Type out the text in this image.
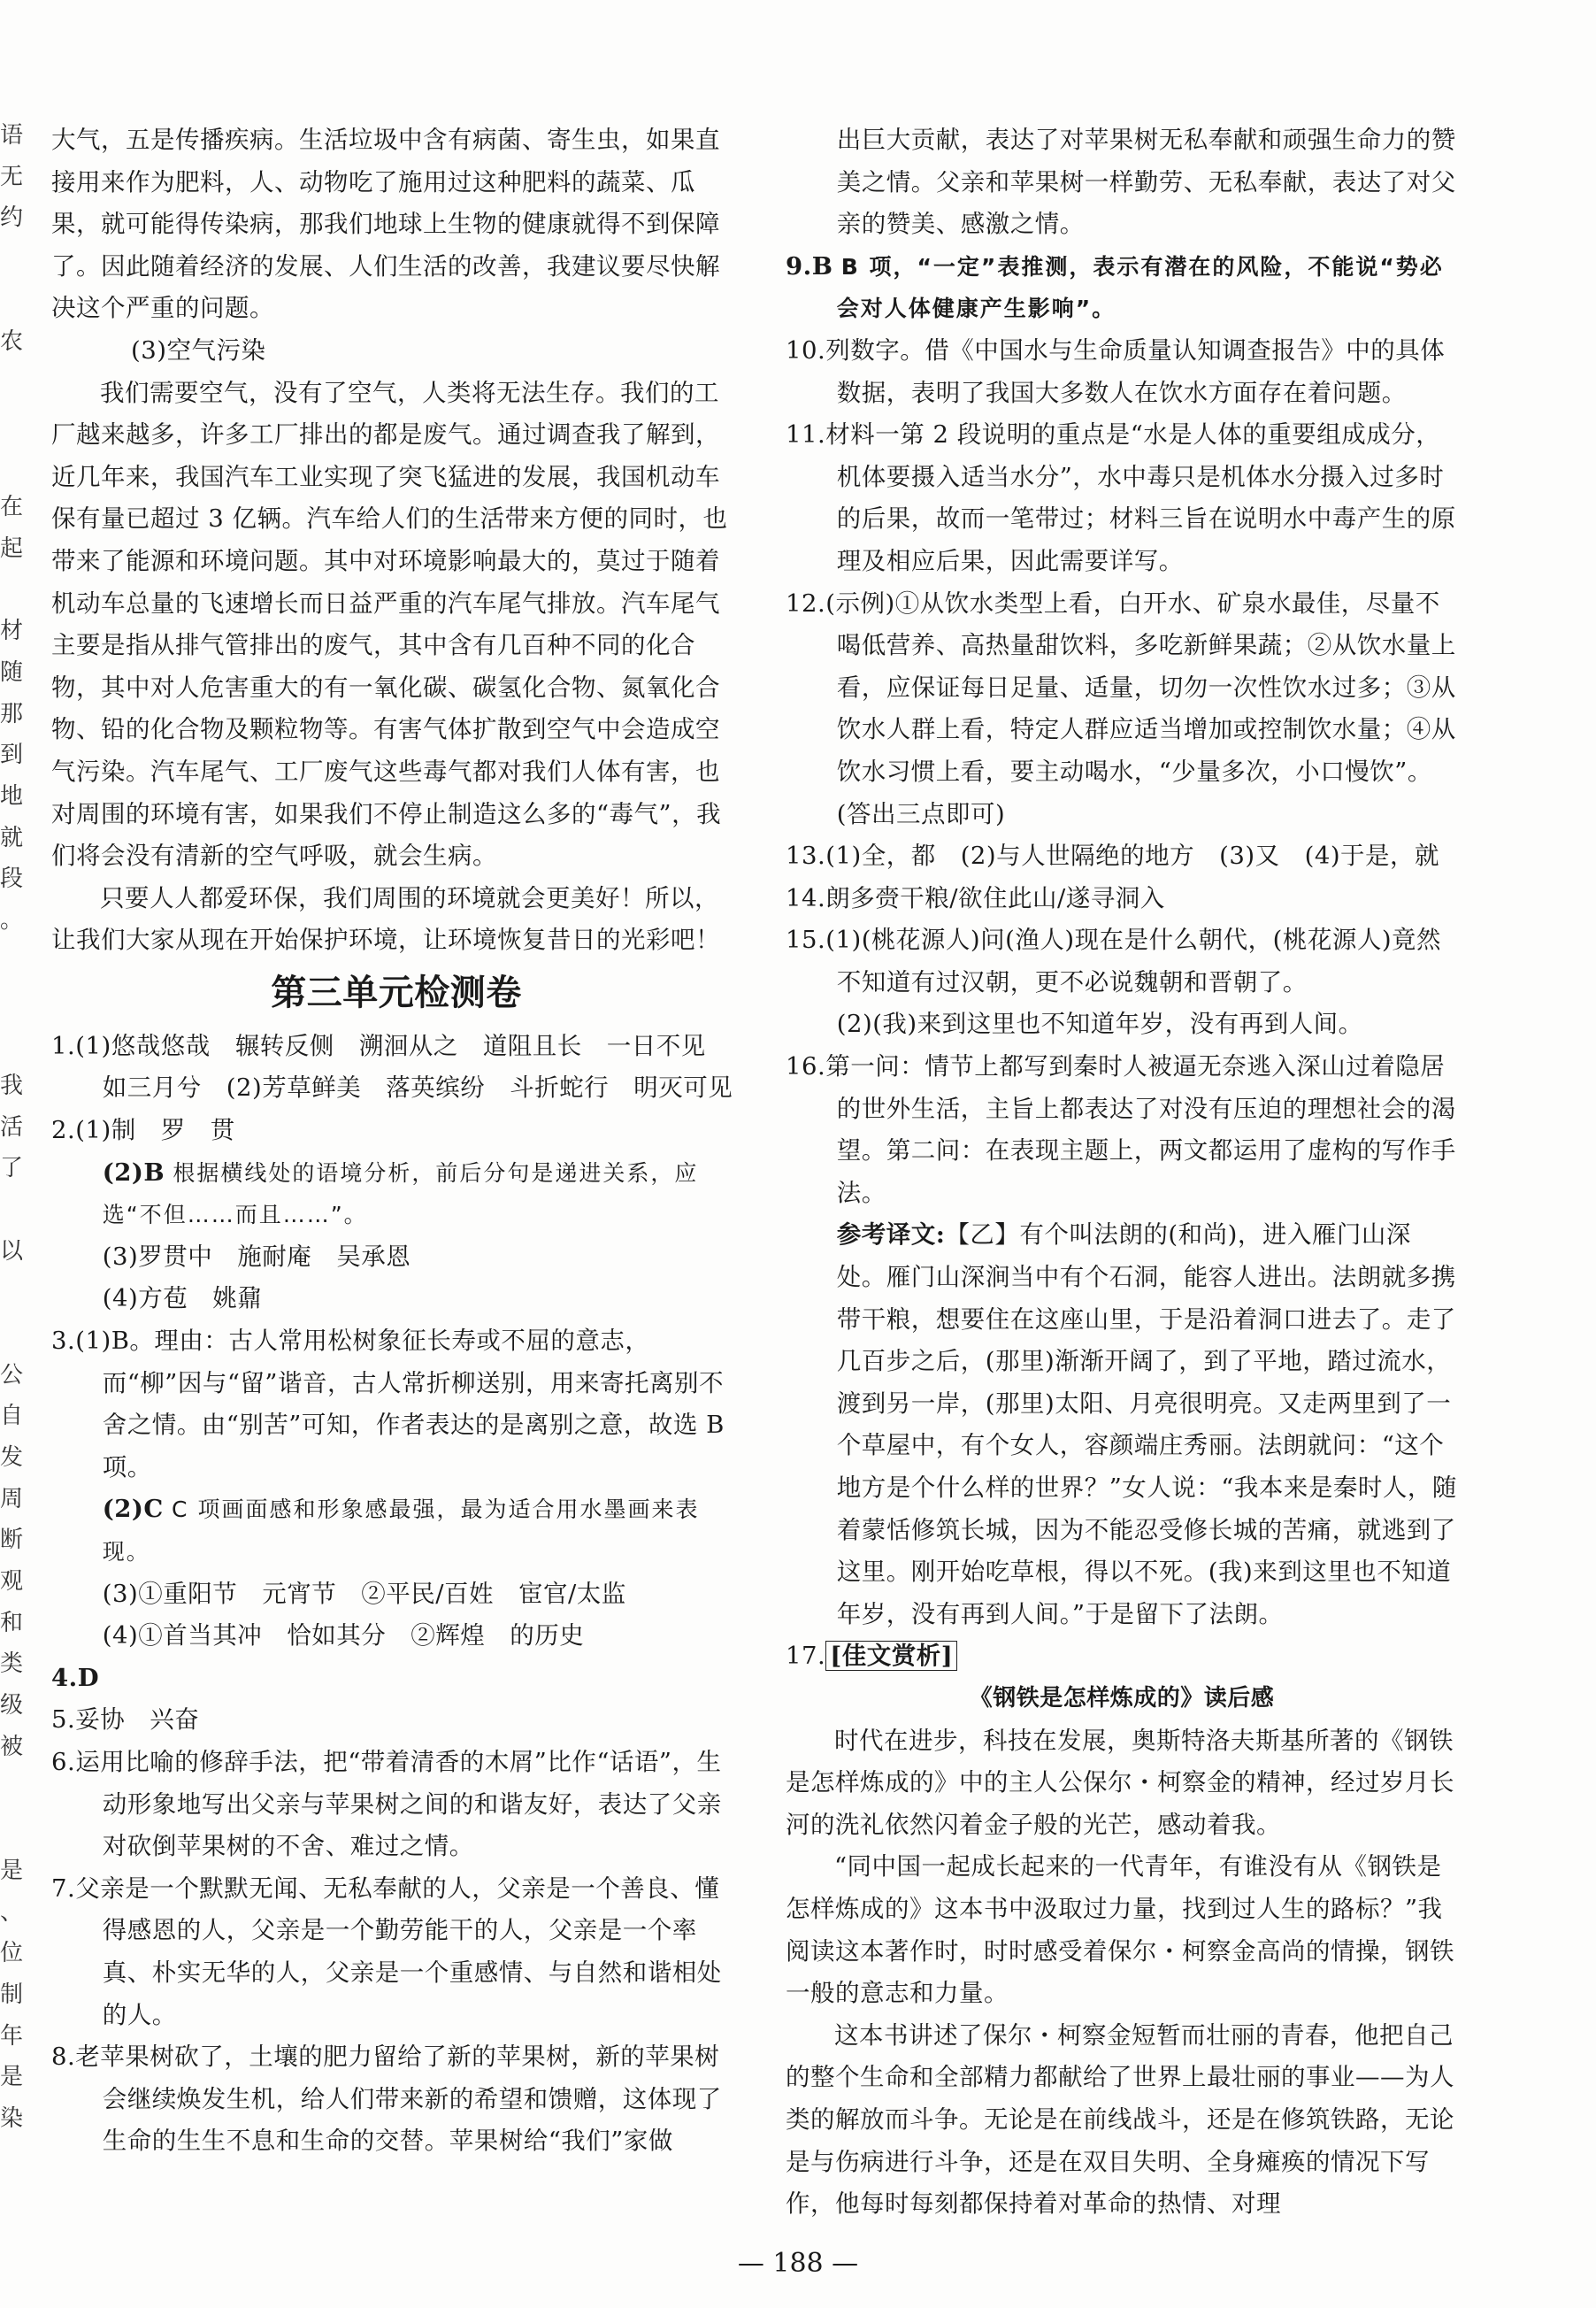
语
无
约
农
在
起
材
随
那
到
地
就
段
。
我
活
了
以
公
自
发
周
断
观
和
类
级
被
是
、
位
制
年
是
染

大气，五是传播疾病。生活垃圾中含有病菌、寄生虫，如果直接用来作为肥料，人、动物吃了施用过这种肥料的蔬菜、瓜果，就可能得传染病，那我们地球上生物的健康就得不到保障了。因此随着经济的发展、人们生活的改善，我建议要尽快解决这个严重的问题。

(3)空气污染

我们需要空气，没有了空气，人类将无法生存。我们的工厂越来越多，许多工厂排出的都是废气。通过调查我了解到，近几年来，我国汽车工业实现了突飞猛进的发展，我国机动车保有量已超过 3 亿辆。汽车给人们的生活带来方便的同时，也带来了能源和环境问题。其中对环境影响最大的，莫过于随着机动车总量的飞速增长而日益严重的汽车尾气排放。汽车尾气主要是指从排气管排出的废气，其中含有几百种不同的化合物，其中对人危害重大的有一氧化碳、碳氢化合物、氮氧化合物、铅的化合物及颗粒物等。有害气体扩散到空气中会造成空气污染。汽车尾气、工厂废气这些毒气都对我们人体有害，也对周围的环境有害，如果我们不停止制造这么多的“毒气”，我们将会没有清新的空气呼吸，就会生病。

只要人人都爱环保，我们周围的环境就会更美好！所以，让我们大家从现在开始保护环境，让环境恢复昔日的光彩吧！

第三单元检测卷

1.(1)悠哉悠哉　辗转反侧　溯洄从之　道阻且长　一日不见　如三月兮　(2)芳草鲜美　落英缤纷　斗折蛇行　明灭可见

2.(1)制　罗　贯

(2)B 根据横线处的语境分析，前后分句是递进关系，应选“不但……而且……”。

(3)罗贯中　施耐庵　吴承恩

(4)方苞　姚鼐

3.(1)B。理由：古人常用松树象征长寿或不屈的意志，而“柳”因与“留”谐音，古人常折柳送别，用来寄托离别不舍之情。由“别苦”可知，作者表达的是离别之意，故选 B 项。

(2)C C 项画面感和形象感最强，最为适合用水墨画来表现。

(3)①重阳节　元宵节　②平民/百姓　宦官/太监

(4)①首当其冲　恰如其分　②辉煌　的历史

4.D

5.妥协　兴奋

6.运用比喻的修辞手法，把“带着清香的木屑”比作“话语”，生动形象地写出父亲与苹果树之间的和谐友好，表达了父亲对砍倒苹果树的不舍、难过之情。

7.父亲是一个默默无闻、无私奉献的人，父亲是一个善良、懂得感恩的人，父亲是一个勤劳能干的人，父亲是一个率真、朴实无华的人，父亲是一个重感情、与自然和谐相处的人。

8.老苹果树砍了，土壤的肥力留给了新的苹果树，新的苹果树会继续焕发生机，给人们带来新的希望和馈赠，这体现了生命的生生不息和生命的交替。苹果树给“我们”家做

出巨大贡献，表达了对苹果树无私奉献和顽强生命力的赞美之情。父亲和苹果树一样勤劳、无私奉献，表达了对父亲的赞美、感激之情。

9.B B 项，“一定”表推测，表示有潜在的风险，不能说“势必会对人体健康产生影响”。

10.列数字。借《中国水与生命质量认知调查报告》中的具体数据，表明了我国大多数人在饮水方面存在着问题。

11.材料一第 2 段说明的重点是“水是人体的重要组成成分，机体要摄入适当水分”，水中毒只是机体水分摄入过多时的后果，故而一笔带过；材料三旨在说明水中毒产生的原理及相应后果，因此需要详写。

12.(示例)①从饮水类型上看，白开水、矿泉水最佳，尽量不喝低营养、高热量甜饮料，多吃新鲜果蔬；②从饮水量上看，应保证每日足量、适量，切勿一次性饮水过多；③从饮水人群上看，特定人群应适当增加或控制饮水量；④从饮水习惯上看，要主动喝水，“少量多次，小口慢饮”。(答出三点即可)

13.(1)全，都　(2)与人世隔绝的地方　(3)又　(4)于是，就

14.朗多赍干粮/欲住此山/遂寻洞入

15.(1)(桃花源人)问(渔人)现在是什么朝代，(桃花源人)竟然不知道有过汉朝，更不必说魏朝和晋朝了。

(2)(我)来到这里也不知道年岁，没有再到人间。

16.第一问：情节上都写到秦时人被逼无奈逃入深山过着隐居的世外生活，主旨上都表达了对没有压迫的理想社会的渴望。第二问：在表现主题上，两文都运用了虚构的写作手法。

参考译文:【乙】有个叫法朗的(和尚)，进入雁门山深处。雁门山深涧当中有个石洞，能容人进出。法朗就多携带干粮，想要住在这座山里，于是沿着洞口进去了。走了几百步之后，(那里)渐渐开阔了，到了平地，踏过流水，渡到另一岸，(那里)太阳、月亮很明亮。又走两里到了一个草屋中，有个女人，容颜端庄秀丽。法朗就问：“这个地方是个什么样的世界？”女人说：“我本来是秦时人，随着蒙恬修筑长城，因为不能忍受修长城的苦痛，就逃到了这里。刚开始吃草根，得以不死。(我)来到这里也不知道年岁，没有再到人间。”于是留下了法朗。

17. [佳文赏析]

《钢铁是怎样炼成的》读后感

时代在进步，科技在发展，奥斯特洛夫斯基所著的《钢铁是怎样炼成的》中的主人公保尔・柯察金的精神，经过岁月长河的洗礼依然闪着金子般的光芒，感动着我。

“同中国一起成长起来的一代青年，有谁没有从《钢铁是怎样炼成的》这本书中汲取过力量，找到过人生的路标？”我阅读这本著作时，时时感受着保尔・柯察金高尚的情操，钢铁一般的意志和力量。

这本书讲述了保尔・柯察金短暂而壮丽的青春，他把自己的整个生命和全部精力都献给了世界上最壮丽的事业——为人类的解放而斗争。无论是在前线战斗，还是在修筑铁路，无论是与伤病进行斗争，还是在双目失明、全身瘫痪的情况下写作，他每时每刻都保持着对革命的热情、对理

— 188 —
